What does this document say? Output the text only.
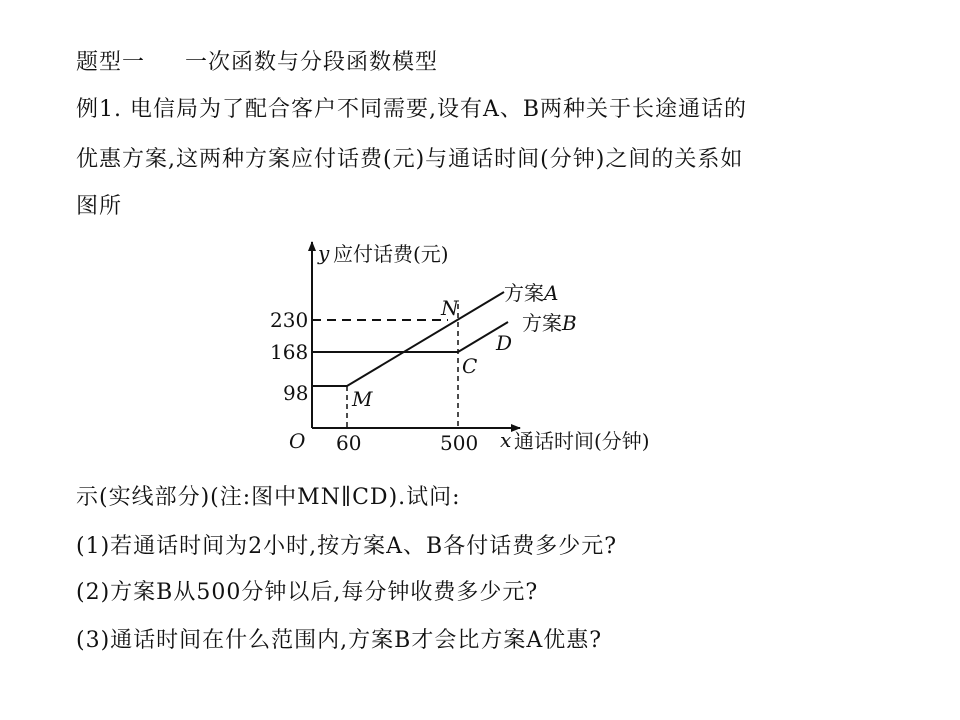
题型一 一次函数与分段函数模型
例1. 电信局为了配合客户不同需要,设有A、B两种关于长途通话的
优惠方案,这两种方案应付话费(元)与通话时间(分钟)之间的关系如
图所
y 应付话费(元)
x 通话时间(分钟)
O 60	500
98
168
230
M
N
C
D
方案A
方案B
示(实线部分)(注:图中MN∥CD).试问:
(1)若通话时间为2小时,按方案A、B各付话费多少元?
(2)方案B从500分钟以后,每分钟收费多少元?
(3)通话时间在什么范围内,方案B才会比方案A优惠?
